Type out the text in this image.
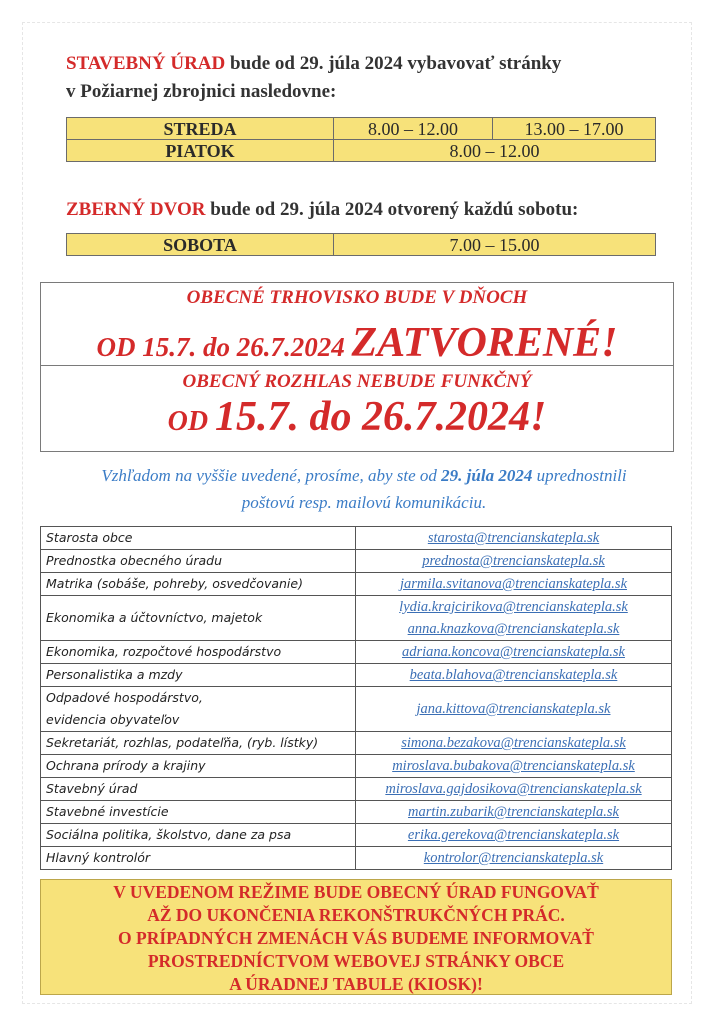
STAVEBNÝ ÚRAD bude od 29. júla 2024 vybavovať stránky
v Požiarnej zbrojnici nasledovne:
STREDA	8.00 – 12.00	13.00 – 17.00
PIATOK	8.00 – 12.00	
ZBERNÝ DVOR bude od 29. júla 2024 otvorený každú sobotu:
SOBOTA	7.00 – 15.00
OBECNÉ TRHOVISKO BUDE V DŇOCH
OD 15.7. do 26.7.2024 ZATVORENÉ!
OBECNÝ ROZHLAS NEBUDE FUNKČNÝ
OD 15.7. do 26.7.2024!
Vzhľadom na vyššie uvedené, prosíme, aby ste od 29. júla 2024 uprednostnili
poštovú resp. mailovú komunikáciu.
Starosta obce	starosta@trencianskatepla.sk

Prednostka obecného úradu	prednosta@trencianskatepla.sk

Matrika (sobáše, pohreby, osvedčovanie)	jarmila.svitanova@trencianskatepla.sk

Ekonomika a účtovníctvo, majetok	lydia.krajcirikova@trencianskatepla.sk
anna.knazkova@trencianskatepla.sk

Ekonomika, rozpočtové hospodárstvo	adriana.koncova@trencianskatepla.sk

Personalistika a mzdy	beata.blahova@trencianskatepla.sk

Odpadové hospodárstvo,
evidencia obyvateľov	jana.kittova@trencianskatepla.sk

Sekretariát, rozhlas, podateľňa, (ryb. lístky)	simona.bezakova@trencianskatepla.sk

Ochrana prírody a krajiny	miroslava.bubakova@trencianskatepla.sk

Stavebný úrad	miroslava.gajdosikova@trencianskatepla.sk

Stavebné investície	martin.zubarik@trencianskatepla.sk

Sociálna politika, školstvo, dane za psa	erika.gerekova@trencianskatepla.sk

Hlavný kontrolór	kontrolor@trencianskatepla.sk
V UVEDENOM REŽIME BUDE OBECNÝ ÚRAD FUNGOVAŤ
AŽ DO UKONČENIA REKONŠTRUKČNÝCH PRÁC.
O PRÍPADNÝCH ZMENÁCH VÁS BUDEME INFORMOVAŤ
PROSTREDNÍCTVOM WEBOVEJ STRÁNKY OBCE
A ÚRADNEJ TABULE (KIOSK)!
